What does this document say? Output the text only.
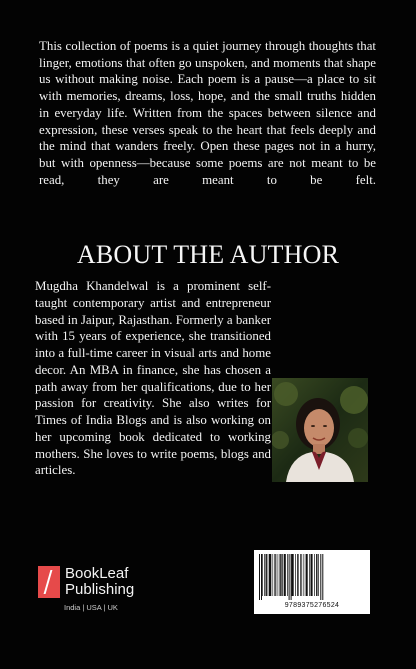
This collection of poems is a quiet journey through thoughts that linger, emotions that often go unspoken, and moments that shape us without making noise. Each poem is a pause—a place to sit with memories, dreams, loss, hope, and the small truths hidden in everyday life. Written from the spaces between silence and expression, these verses speak to the heart that feels deeply and the mind that wanders freely. Open these pages not in a hurry, but with openness—because some poems are not meant to be read, they are meant to be felt.

ABOUT THE AUTHOR

Mugdha Khandelwal is a prominent self-taught contemporary artist and entrepreneur based in Jaipur, Rajasthan. Formerly a banker with 15 years of experience, she transitioned into a full-time career in visual arts and home decor. An MBA in finance, she has chosen a path away from her qualifications, due to her passion for creativity. She also writes for Times of India Blogs and is also working on her upcoming book dedicated to working mothers. She loves to write poems, blogs and articles.

BookLeaf
Publishing
India | USA | UK	9789375276524
